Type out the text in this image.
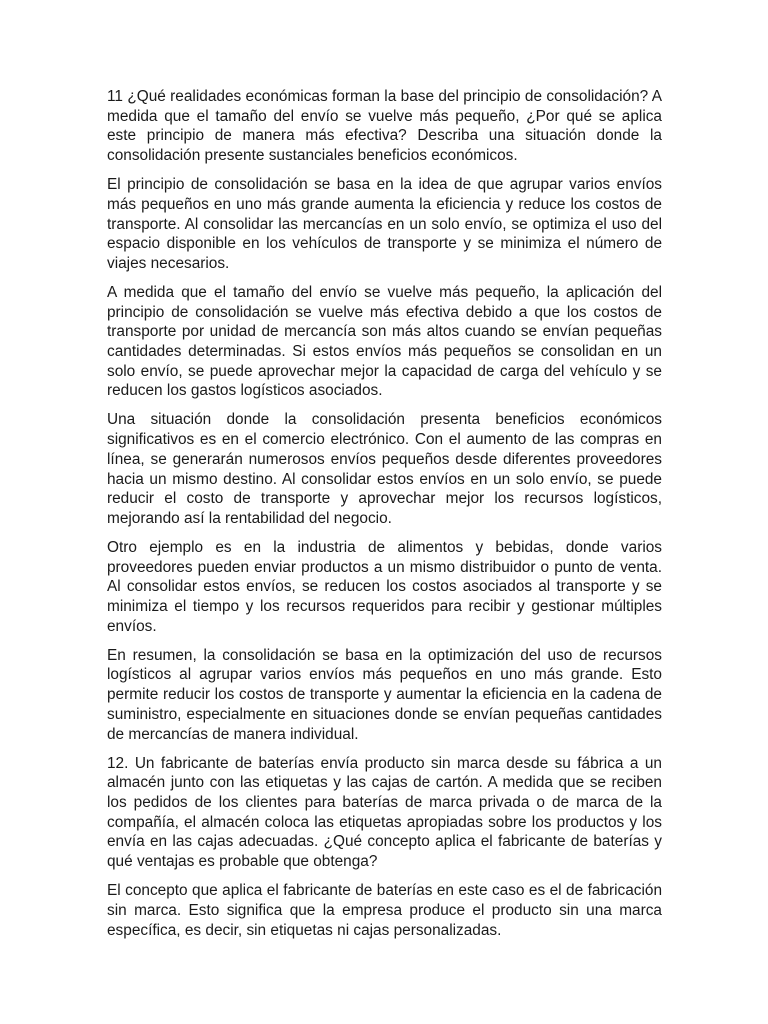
11 ¿Qué realidades económicas forman la base del principio de consolidación? A medida que el tamaño del envío se vuelve más pequeño, ¿Por qué se aplica este principio de manera más efectiva? Describa una situación donde la consolidación presente sustanciales beneficios económicos.

El principio de consolidación se basa en la idea de que agrupar varios envíos más pequeños en uno más grande aumenta la eficiencia y reduce los costos de transporte. Al consolidar las mercancías en un solo envío, se optimiza el uso del espacio disponible en los vehículos de transporte y se minimiza el número de viajes necesarios.

A medida que el tamaño del envío se vuelve más pequeño, la aplicación del principio de consolidación se vuelve más efectiva debido a que los costos de transporte por unidad de mercancía son más altos cuando se envían pequeñas cantidades determinadas. Si estos envíos más pequeños se consolidan en un solo envío, se puede aprovechar mejor la capacidad de carga del vehículo y se reducen los gastos logísticos asociados.

Una situación donde la consolidación presenta beneficios económicos significativos es en el comercio electrónico. Con el aumento de las compras en línea, se generarán numerosos envíos pequeños desde diferentes proveedores hacia un mismo destino. Al consolidar estos envíos en un solo envío, se puede reducir el costo de transporte y aprovechar mejor los recursos logísticos, mejorando así la rentabilidad del negocio.

Otro ejemplo es en la industria de alimentos y bebidas, donde varios proveedores pueden enviar productos a un mismo distribuidor o punto de venta. Al consolidar estos envíos, se reducen los costos asociados al transporte y se minimiza el tiempo y los recursos requeridos para recibir y gestionar múltiples envíos.

En resumen, la consolidación se basa en la optimización del uso de recursos logísticos al agrupar varios envíos más pequeños en uno más grande. Esto permite reducir los costos de transporte y aumentar la eficiencia en la cadena de suministro, especialmente en situaciones donde se envían pequeñas cantidades de mercancías de manera individual.

12. Un fabricante de baterías envía producto sin marca desde su fábrica a un almacén junto con las etiquetas y las cajas de cartón. A medida que se reciben los pedidos de los clientes para baterías de marca privada o de marca de la compañía, el almacén coloca las etiquetas apropiadas sobre los productos y los envía en las cajas adecuadas. ¿Qué concepto aplica el fabricante de baterías y qué ventajas es probable que obtenga?

El concepto que aplica el fabricante de baterías en este caso es el de fabricación sin marca. Esto significa que la empresa produce el producto sin una marca específica, es decir, sin etiquetas ni cajas personalizadas.
